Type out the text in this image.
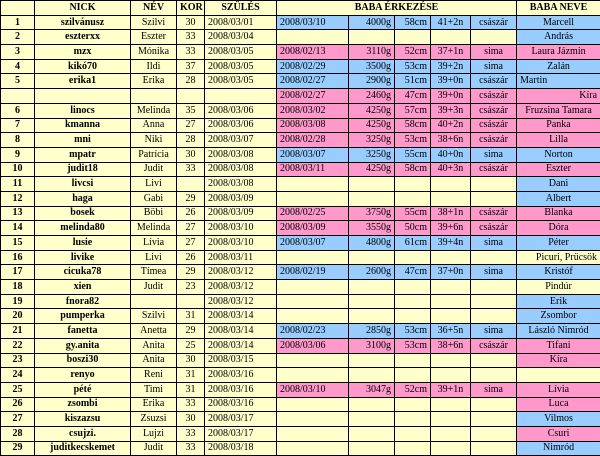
	NICK	NÉV	KOR	SZÜLÉS	BABA ÉRKEZÉSE					BABA NEVE
1	szilvánusz	Szilvi	30	2008/03/01	2008/03/10	4000g	58cm	41+2n	császár	Marcell
2	eszterxx	Eszter	33	2008/03/04						András
3	mzx	Mónika	33	2008/03/05	2008/02/13	3110g	52cm	37+1n	sima	Laura Jázmin
4	kikó70	Ildi	37	2008/03/05	2008/02/29	3500g	53cm	39+2n	sima	Zalán
5	erika1	Erika	28	2008/03/05	2008/02/27	2900g	51cm	39+0n	császár	Martin
					2008/02/27	2460g	47cm	39+0n	császár	Kíra
6	linocs	Melinda	35	2008/03/06	2008/03/02	4250g	57cm	39+3n	császár	Fruzsina Tamara
7	kmanna	Anna	27	2008/03/06	2008/03/08	4250g	58cm	40+2n	császár	Panka
8	mni	Niki	28	2008/03/07	2008/02/28	3250g	53cm	38+6n	császár	Lilla
9	mpatr	Patrícia	30	2008/03/08	2008/03/07	3250g	55cm	40+0n	sima	Norton
10	judit18	Judit	33	2008/03/08	2008/03/11	4250g	58cm	40+3n	császár	Eszter
11	livcsi	Livi		2008/03/08						Dani
12	haga	Gabi	29	2008/03/09						Albert
13	bosek	Böbi	26	2008/03/09	2008/02/25	3750g	55cm	38+1n	császár	Blanka
14	melinda80	Melinda	27	2008/03/10	2008/03/09	3550g	50cm	39+6n	császár	Dóra
15	lusie	Lívia	27	2008/03/10	2008/03/07	4800g	61cm	39+4n	sima	Péter
16	livike	Livi	26	2008/03/11						Picuri, Prücsök
17	cicuka78	Tímea	29	2008/03/12	2008/02/19	2600g	47cm	37+0n	sima	Kristóf
18	xien	Judit	23	2008/03/12						Pindúr
19	fnora82			2008/03/12						Erik
20	pumperka	Szilvi	31	2008/03/14						Zsombor
21	fanetta	Anetta	29	2008/03/14	2008/02/23	2850g	53cm	36+5n	sima	László Nimród
22	gy.anita	Anita	25	2008/03/14	2008/03/06	3100g	53cm	38+6n	császár	Tifani
23	boszi30	Anita	30	2008/03/15						Kíra
24	renyo	Reni	31	2008/03/16						
25	pété	Timi	31	2008/03/16	2008/03/10	3047g	52cm	39+1n	sima	Lívia
26	zsombi	Erika	33	2008/03/16						Luca
27	kiszazsu	Zsuzsi	30	2008/03/17						Vilmos
28	csujzi.	Lujzi	33	2008/03/17						Csuri
29	juditkecskemet	Judit	33	2008/03/18						Nimród
